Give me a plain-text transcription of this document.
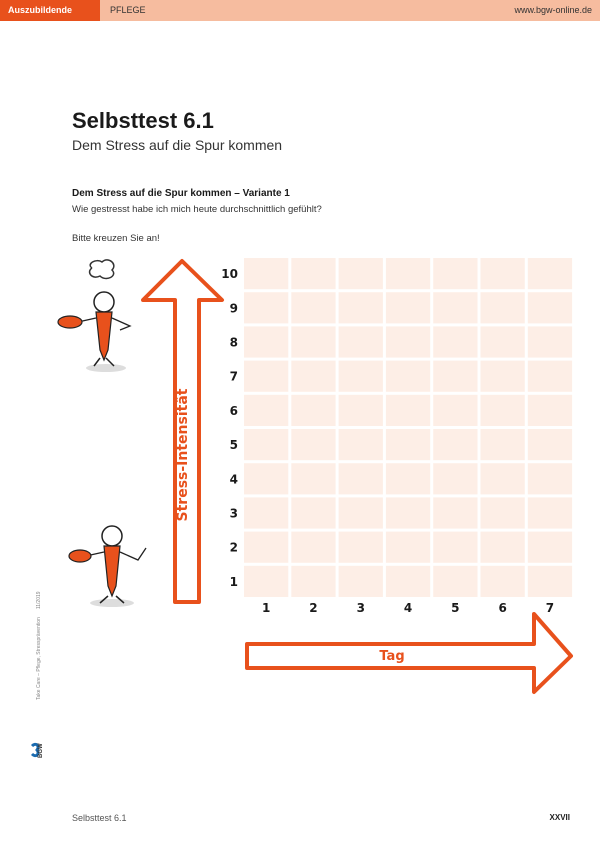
Auszubildende	PFLEGE	www.bgw-online.de
Selbsttest 6.1
Dem Stress auf die Spur kommen
Dem Stress auf die Spur kommen – Variante 1
Wie gestresst habe ich mich heute durchschnittlich gefühlt?
Bitte kreuzen Sie an!
10
9
8
7
6
5
4
3
2
1
1	2	3	4	5	6	7
Stress-Intensität
Tag
Take Care – Pflege, Stressprävention11/2019
BGW
Selbsttest 6.1	XXVII
